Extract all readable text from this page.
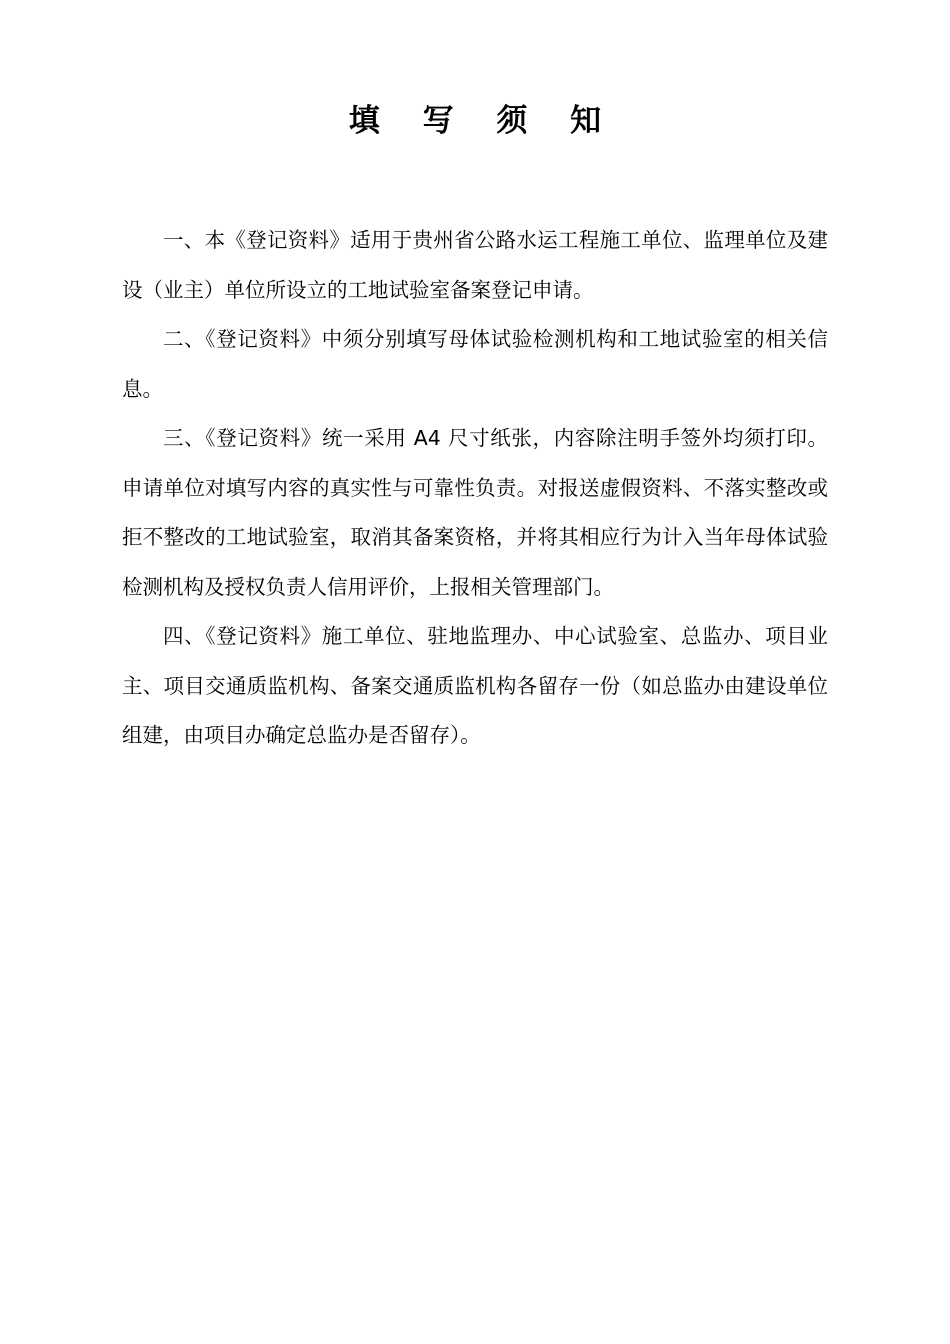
填 写 须 知

一、本《登记资料》适用于贵州省公路水运工程施工单位、监理单位及建设（业主）单位所设立的工地试验室备案登记申请。

二、《登记资料》中须分别填写母体试验检测机构和工地试验室的相关信息。

三、《登记资料》统一采用 A4 尺寸纸张，内容除注明手签外均须打印。申请单位对填写内容的真实性与可靠性负责。对报送虚假资料、不落实整改或拒不整改的工地试验室，取消其备案资格，并将其相应行为计入当年母体试验检测机构及授权负责人信用评价，上报相关管理部门。

四、《登记资料》施工单位、驻地监理办、中心试验室、总监办、项目业主、项目交通质监机构、备案交通质监机构各留存一份（如总监办由建设单位组建，由项目办确定总监办是否留存）。
